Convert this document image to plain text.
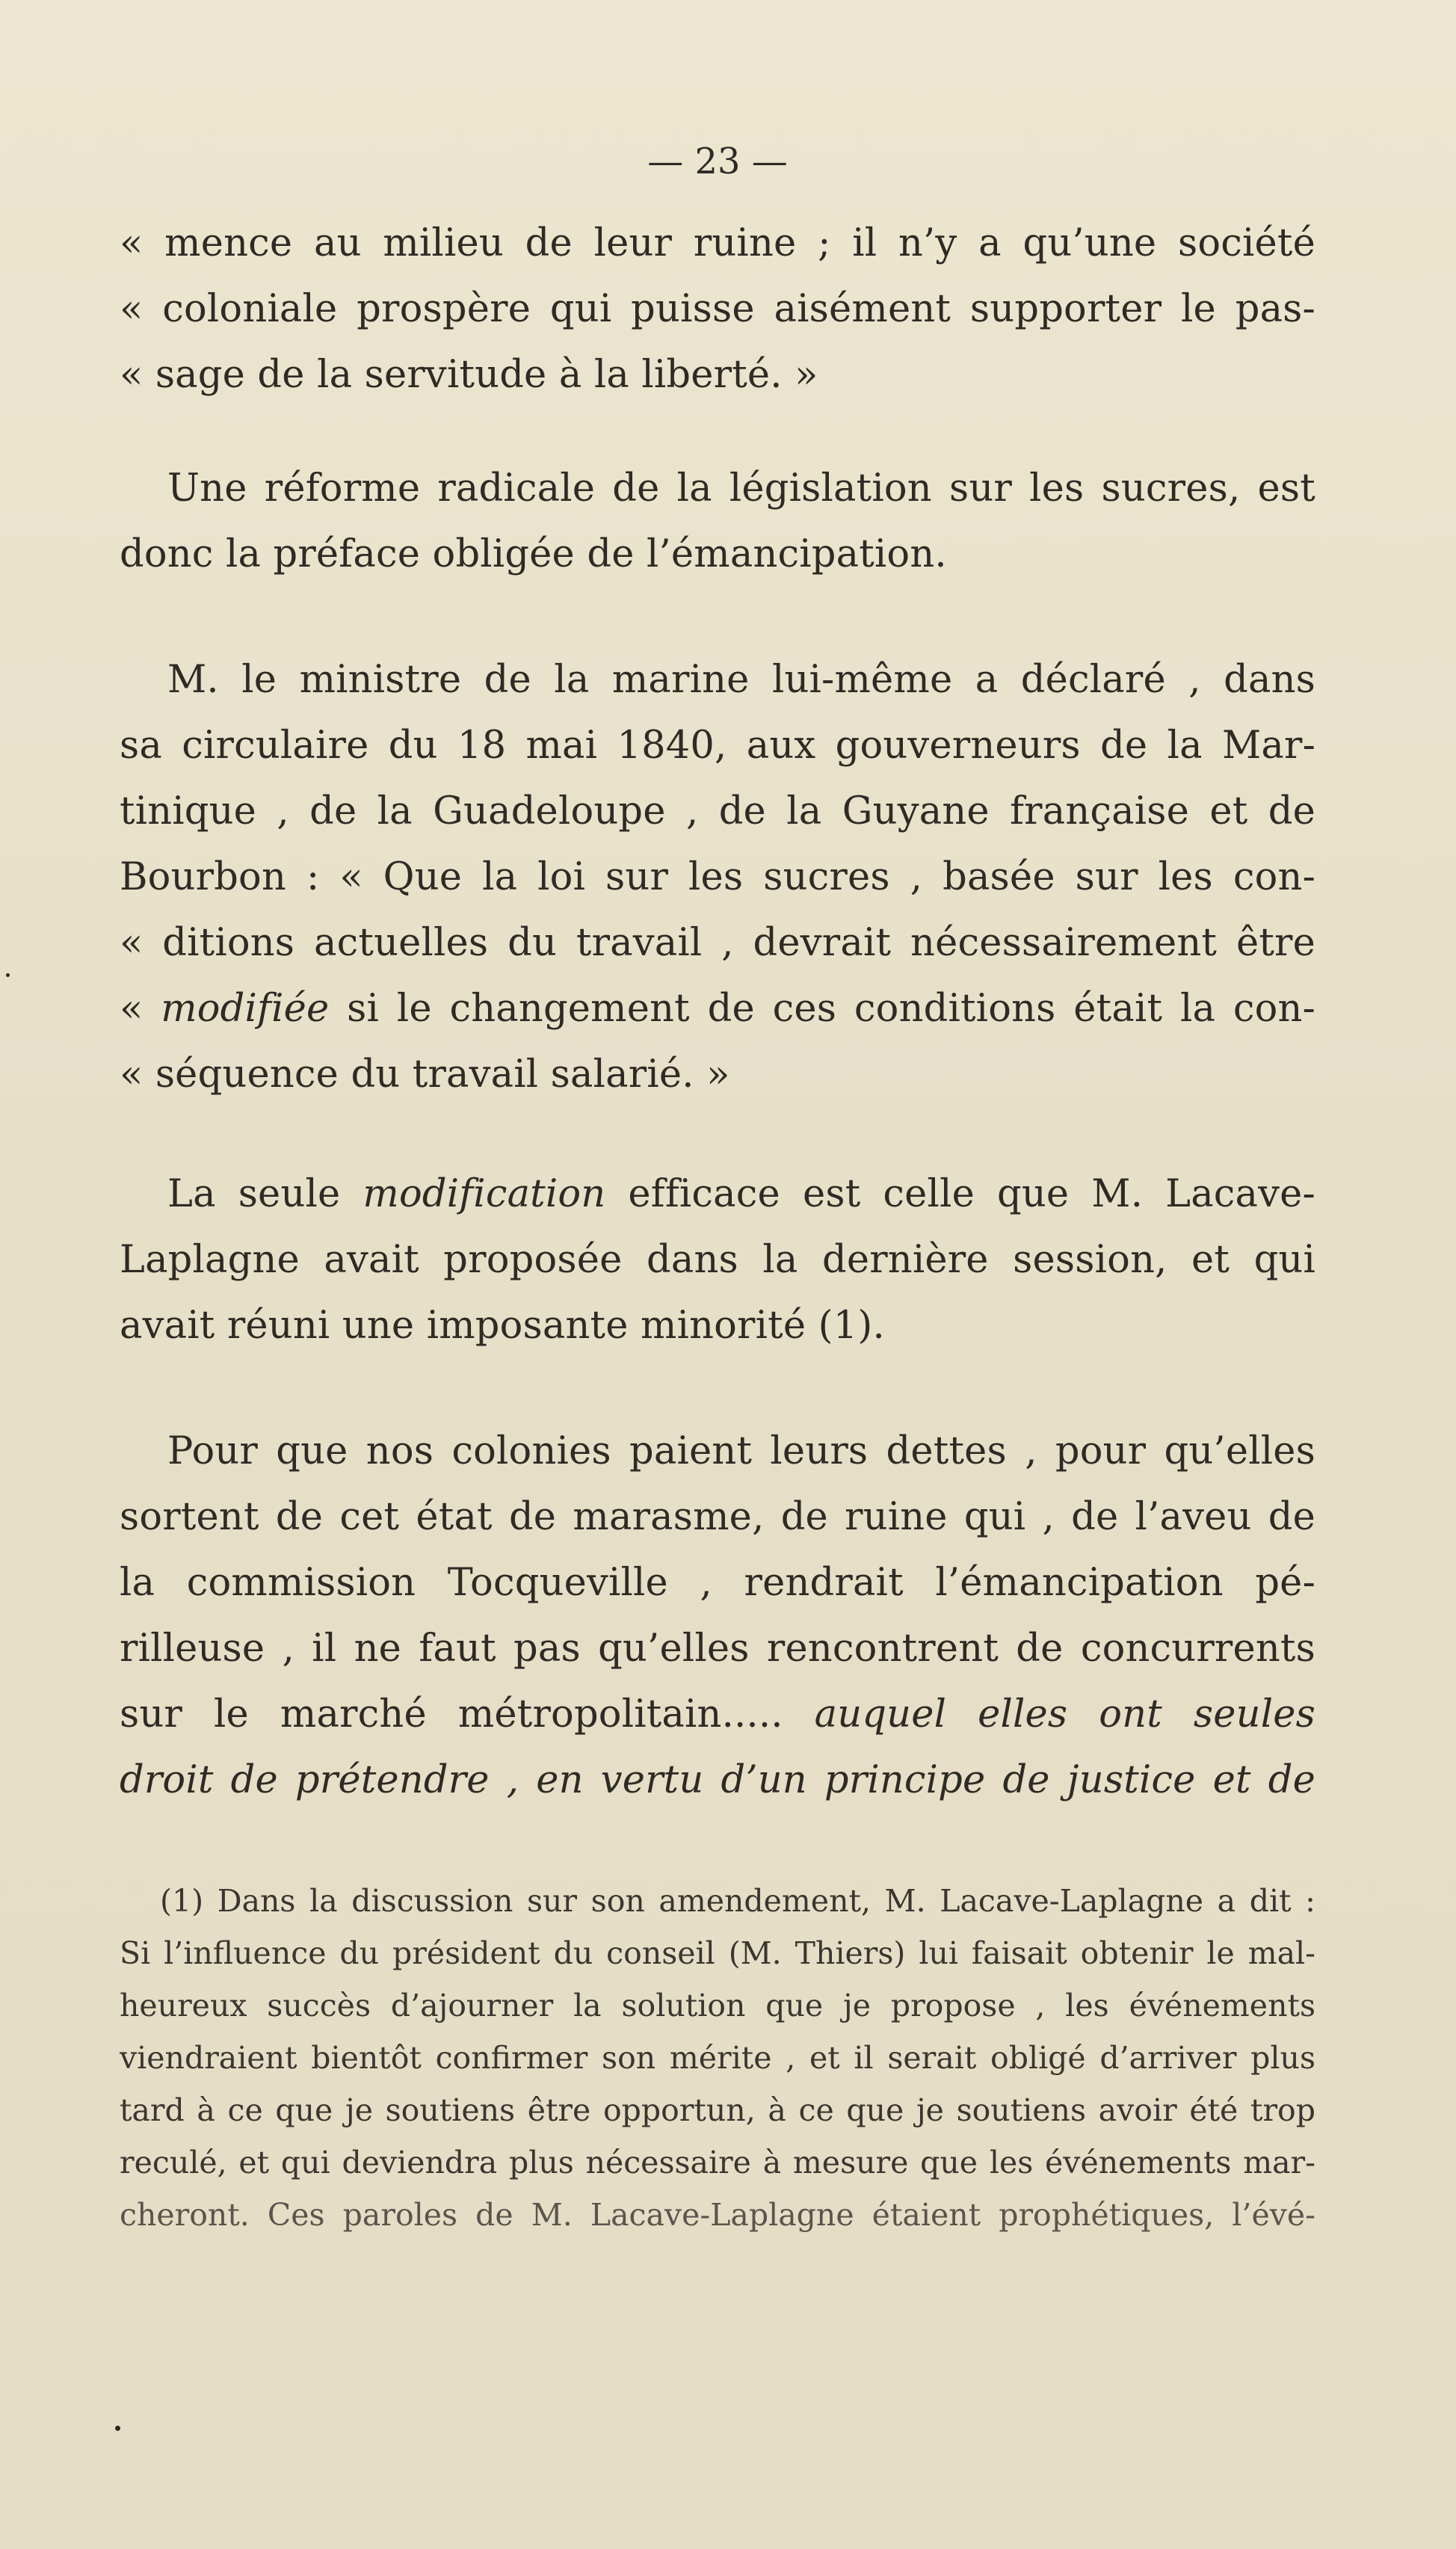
— 23 —
« mence au milieu de leur ruine ; il n’y a qu’une société
« coloniale prospère qui puisse aisément supporter le pas-
« sage de la servitude à la liberté. »
Une réforme radicale de la législation sur les sucres, est
donc la préface obligée de l’émancipation.
M. le ministre de la marine lui-même a déclaré , dans
sa circulaire du 18 mai 1840, aux gouverneurs de la Mar-
tinique , de la Guadeloupe , de la Guyane française et de
Bourbon : « Que la loi sur les sucres , basée sur les con-
« ditions actuelles du travail , devrait nécessairement être
« modifiée si le changement de ces conditions était la con-
« séquence du travail salarié. »
La seule modification efficace est celle que M. Lacave-
Laplagne avait proposée dans la dernière session, et qui
avait réuni une imposante minorité (1).
Pour que nos colonies paient leurs dettes , pour qu’elles
sortent de cet état de marasme, de ruine qui , de l’aveu de
la commission Tocqueville , rendrait l’émancipation pé-
rilleuse , il ne faut pas qu’elles rencontrent de concurrents
sur le marché métropolitain..... auquel elles ont seules
droit de prétendre , en vertu d’un principe de justice et de
(1) Dans la discussion sur son amendement, M. Lacave-Laplagne a dit :
Si l’influence du président du conseil (M. Thiers) lui faisait obtenir le mal-
heureux succès d’ajourner la solution que je propose , les événements
viendraient bientôt confirmer son mérite , et il serait obligé d’arriver plus
tard à ce que je soutiens être opportun, à ce que je soutiens avoir été trop
reculé, et qui deviendra plus nécessaire à mesure que les événements mar-
cheront. Ces paroles de M. Lacave-Laplagne étaient prophétiques, l’évé-
